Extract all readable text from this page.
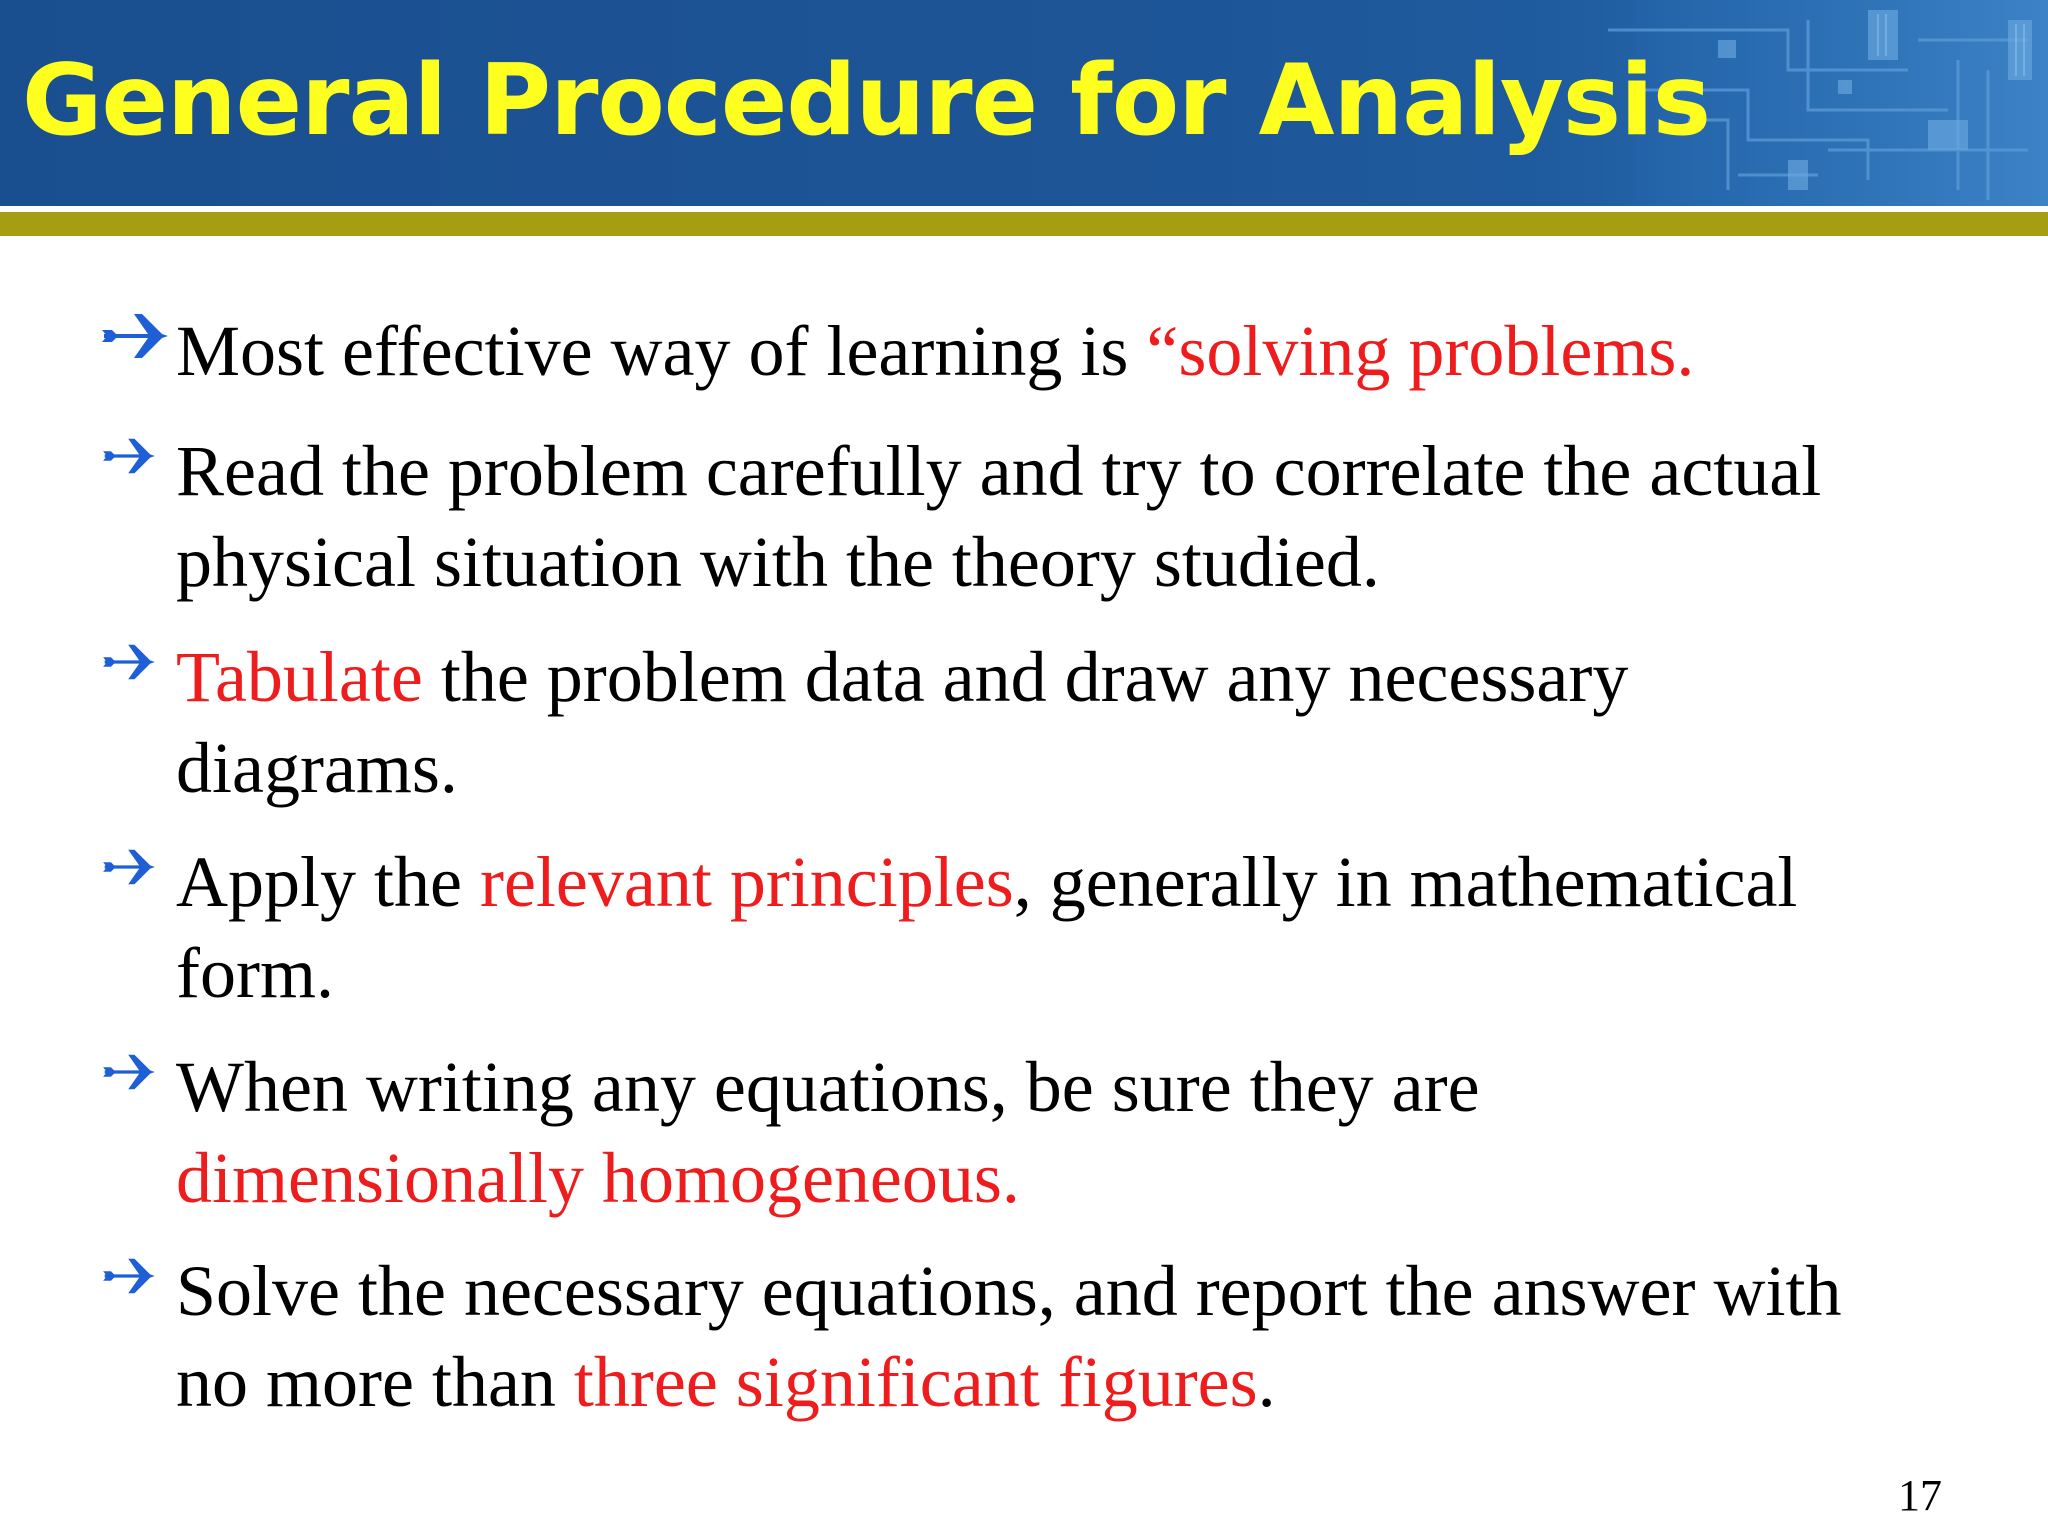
General Procedure for Analysis
Most effective way of learning is “solving problems.
Read the problem carefully and try to correlate the actual
physical situation with the theory studied.
Tabulate the problem data and draw any necessary
diagrams.
Apply the relevant principles, generally in mathematical
form.
When writing any equations, be sure they are
dimensionally homogeneous.
Solve the necessary equations, and report the answer with
no more than three significant figures.
17
